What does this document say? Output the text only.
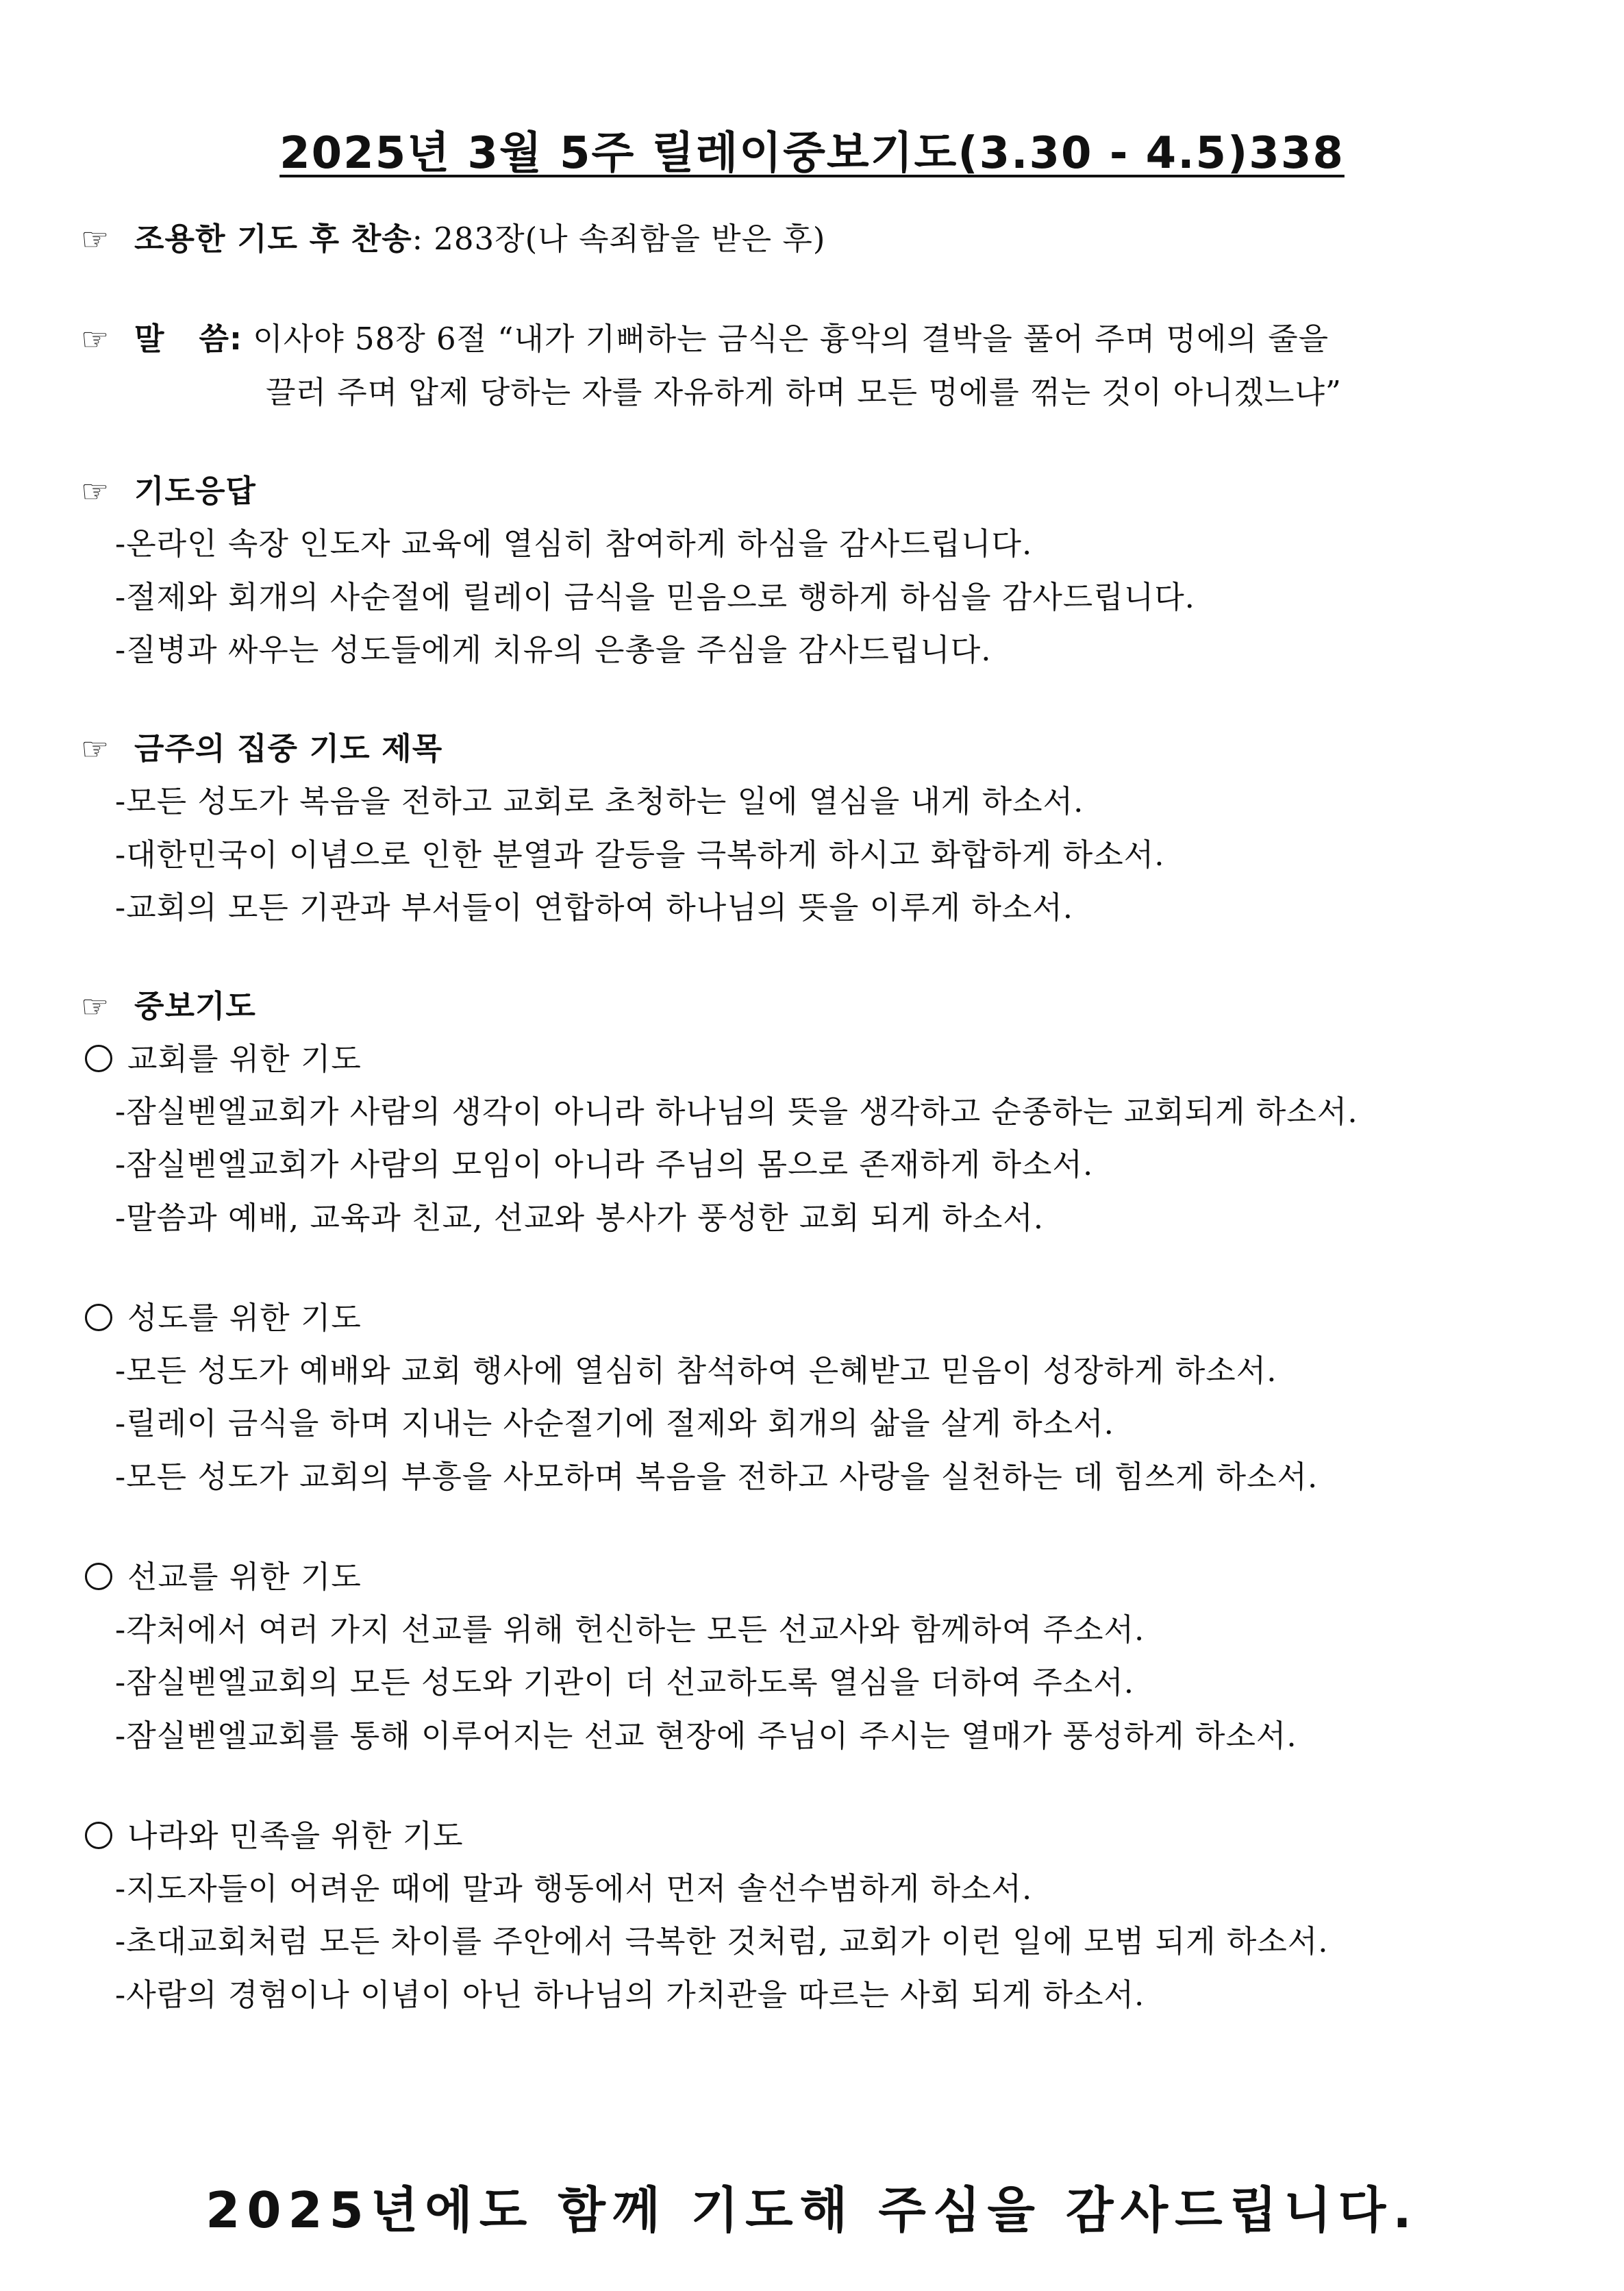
2025년 3월 5주 릴레이중보기도(3.30 - 4.5)338
☞ 조용한 기도 후 찬송: 283장(나 속죄함을 받은 후)
☞ 말   씀: 이사야 58장 6절 “내가 기뻐하는 금식은 흉악의 결박을 풀어 주며 멍에의 줄을
끌러 주며 압제 당하는 자를 자유하게 하며 모든 멍에를 꺾는 것이 아니겠느냐”
☞ 기도응답
-온라인 속장 인도자 교육에 열심히 참여하게 하심을 감사드립니다.
-절제와 회개의 사순절에 릴레이 금식을 믿음으로 행하게 하심을 감사드립니다.
-질병과 싸우는 성도들에게 치유의 은총을 주심을 감사드립니다.
☞ 금주의 집중 기도 제목
-모든 성도가 복음을 전하고 교회로 초청하는 일에 열심을 내게 하소서.
-대한민국이 이념으로 인한 분열과 갈등을 극복하게 하시고 화합하게 하소서.
-교회의 모든 기관과 부서들이 연합하여 하나님의 뜻을 이루게 하소서.
☞ 중보기도
교회를 위한 기도
-잠실벧엘교회가 사람의 생각이 아니라 하나님의 뜻을 생각하고 순종하는 교회되게 하소서.
-잠실벧엘교회가 사람의 모임이 아니라 주님의 몸으로 존재하게 하소서.
-말씀과 예배, 교육과 친교, 선교와 봉사가 풍성한 교회 되게 하소서.
성도를 위한 기도
-모든 성도가 예배와 교회 행사에 열심히 참석하여 은혜받고 믿음이 성장하게 하소서.
-릴레이 금식을 하며 지내는 사순절기에 절제와 회개의 삶을 살게 하소서.
-모든 성도가 교회의 부흥을 사모하며 복음을 전하고 사랑을 실천하는 데 힘쓰게 하소서.
선교를 위한 기도
-각처에서 여러 가지 선교를 위해 헌신하는 모든 선교사와 함께하여 주소서.
-잠실벧엘교회의 모든 성도와 기관이 더 선교하도록 열심을 더하여 주소서.
-잠실벧엘교회를 통해 이루어지는 선교 현장에 주님이 주시는 열매가 풍성하게 하소서.
나라와 민족을 위한 기도
-지도자들이 어려운 때에 말과 행동에서 먼저 솔선수범하게 하소서.
-초대교회처럼 모든 차이를 주안에서 극복한 것처럼, 교회가 이런 일에 모범 되게 하소서.
-사람의 경험이나 이념이 아닌 하나님의 가치관을 따르는 사회 되게 하소서.
2025년에도 함께 기도해 주심을 감사드립니다.
